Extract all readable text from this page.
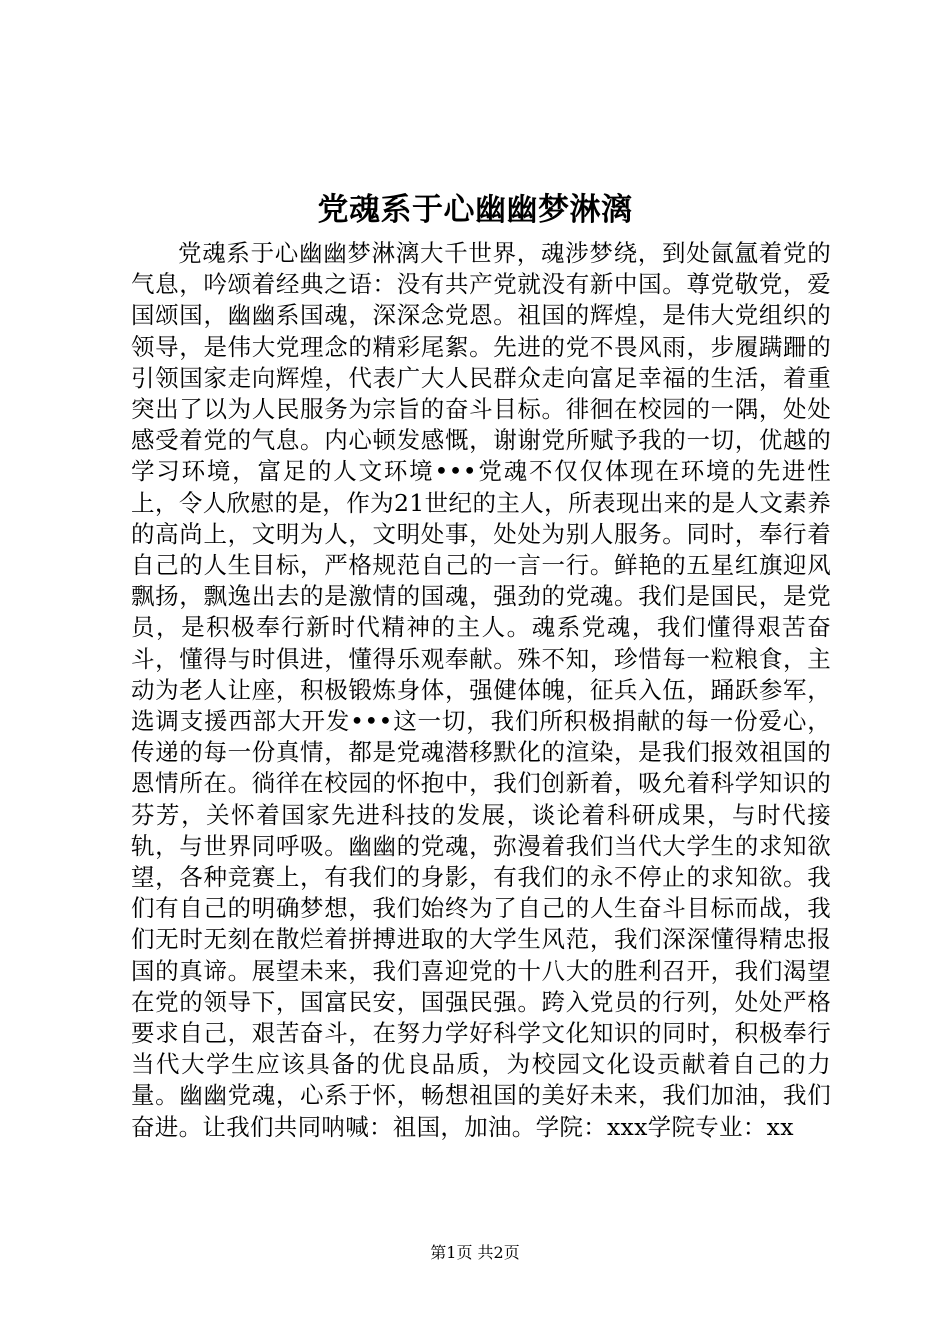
党魂系于心幽幽梦淋漓

党魂系于心幽幽梦淋漓大千世界，魂涉梦绕，到处氤氲着党的气息，吟颂着经典之语：没有共产党就没有新中国。尊党敬党，爱国颂国，幽幽系国魂，深深念党恩。祖国的辉煌，是伟大党组织的领导，是伟大党理念的精彩尾絮。先进的党不畏风雨，步履蹒跚的引领国家走向辉煌，代表广大人民群众走向富足幸福的生活，着重突出了以为人民服务为宗旨的奋斗目标。徘徊在校园的一隅，处处感受着党的气息。内心顿发感慨，谢谢党所赋予我的一切，优越的学习环境，富足的人文环境•••党魂不仅仅体现在环境的先进性上，令人欣慰的是，作为21世纪的主人，所表现出来的是人文素养的高尚上，文明为人，文明处事，处处为别人服务。同时，奉行着自己的人生目标，严格规范自己的一言一行。鲜艳的五星红旗迎风飘扬，飘逸出去的是激情的国魂，强劲的党魂。我们是国民，是党员，是积极奉行新时代精神的主人。魂系党魂，我们懂得艰苦奋斗，懂得与时俱进，懂得乐观奉献。殊不知，珍惜每一粒粮食，主动为老人让座，积极锻炼身体，强健体魄，征兵入伍，踊跃参军，选调支援西部大开发•••这一切，我们所积极捐献的每一份爱心，传递的每一份真情，都是党魂潜移默化的渲染，是我们报效祖国的恩情所在。徜徉在校园的怀抱中，我们创新着，吸允着科学知识的芬芳，关怀着国家先进科技的发展，谈论着科研成果，与时代接轨，与世界同呼吸。幽幽的党魂，弥漫着我们当代大学生的求知欲望，各种竞赛上，有我们的身影，有我们的永不停止的求知欲。我们有自己的明确梦想，我们始终为了自己的人生奋斗目标而战，我们无时无刻在散烂着拼搏进取的大学生风范，我们深深懂得精忠报国的真谛。展望未来，我们喜迎党的十八大的胜利召开，我们渴望在党的领导下，国富民安，国强民强。跨入党员的行列，处处严格要求自己，艰苦奋斗，在努力学好科学文化知识的同时，积极奉行当代大学生应该具备的优良品质，为校园文化设贡献着自己的力量。幽幽党魂，心系于怀，畅想祖国的美好未来，我们加油，我们奋进。让我们共同呐喊：祖国，加油。学院：xxx学院专业：xx

第1页 共2页
